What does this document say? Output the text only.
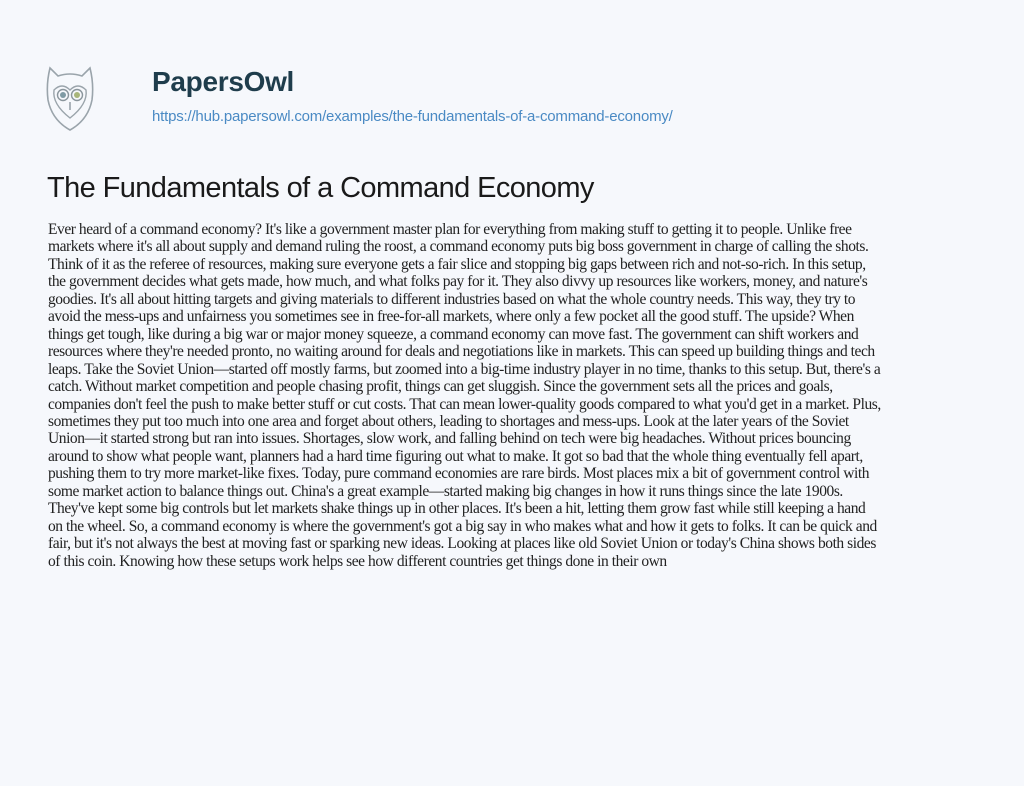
PapersOwl
https://hub.papersowl.com/examples/the-fundamentals-of-a-command-economy/
The Fundamentals of a Command Economy
Ever heard of a command economy? It's like a government master plan for everything from making stuff to getting it to people. Unlike free
markets where it's all about supply and demand ruling the roost, a command economy puts big boss government in charge of calling the shots.
Think of it as the referee of resources, making sure everyone gets a fair slice and stopping big gaps between rich and not-so-rich. In this setup,
the government decides what gets made, how much, and what folks pay for it. They also divvy up resources like workers, money, and nature's
goodies. It's all about hitting targets and giving materials to different industries based on what the whole country needs. This way, they try to
avoid the mess-ups and unfairness you sometimes see in free-for-all markets, where only a few pocket all the good stuff. The upside? When
things get tough, like during a big war or major money squeeze, a command economy can move fast. The government can shift workers and
resources where they're needed pronto, no waiting around for deals and negotiations like in markets. This can speed up building things and tech
leaps. Take the Soviet Union—started off mostly farms, but zoomed into a big-time industry player in no time, thanks to this setup. But, there's a
catch. Without market competition and people chasing profit, things can get sluggish. Since the government sets all the prices and goals,
companies don't feel the push to make better stuff or cut costs. That can mean lower-quality goods compared to what you'd get in a market. Plus,
sometimes they put too much into one area and forget about others, leading to shortages and mess-ups. Look at the later years of the Soviet
Union—it started strong but ran into issues. Shortages, slow work, and falling behind on tech were big headaches. Without prices bouncing
around to show what people want, planners had a hard time figuring out what to make. It got so bad that the whole thing eventually fell apart,
pushing them to try more market-like fixes. Today, pure command economies are rare birds. Most places mix a bit of government control with
some market action to balance things out. China's a great example—started making big changes in how it runs things since the late 1900s.
They've kept some big controls but let markets shake things up in other places. It's been a hit, letting them grow fast while still keeping a hand
on the wheel. So, a command economy is where the government's got a big say in who makes what and how it gets to folks. It can be quick and
fair, but it's not always the best at moving fast or sparking new ideas. Looking at places like old Soviet Union or today's China shows both sides
of this coin. Knowing how these setups work helps see how different countries get things done in their own
